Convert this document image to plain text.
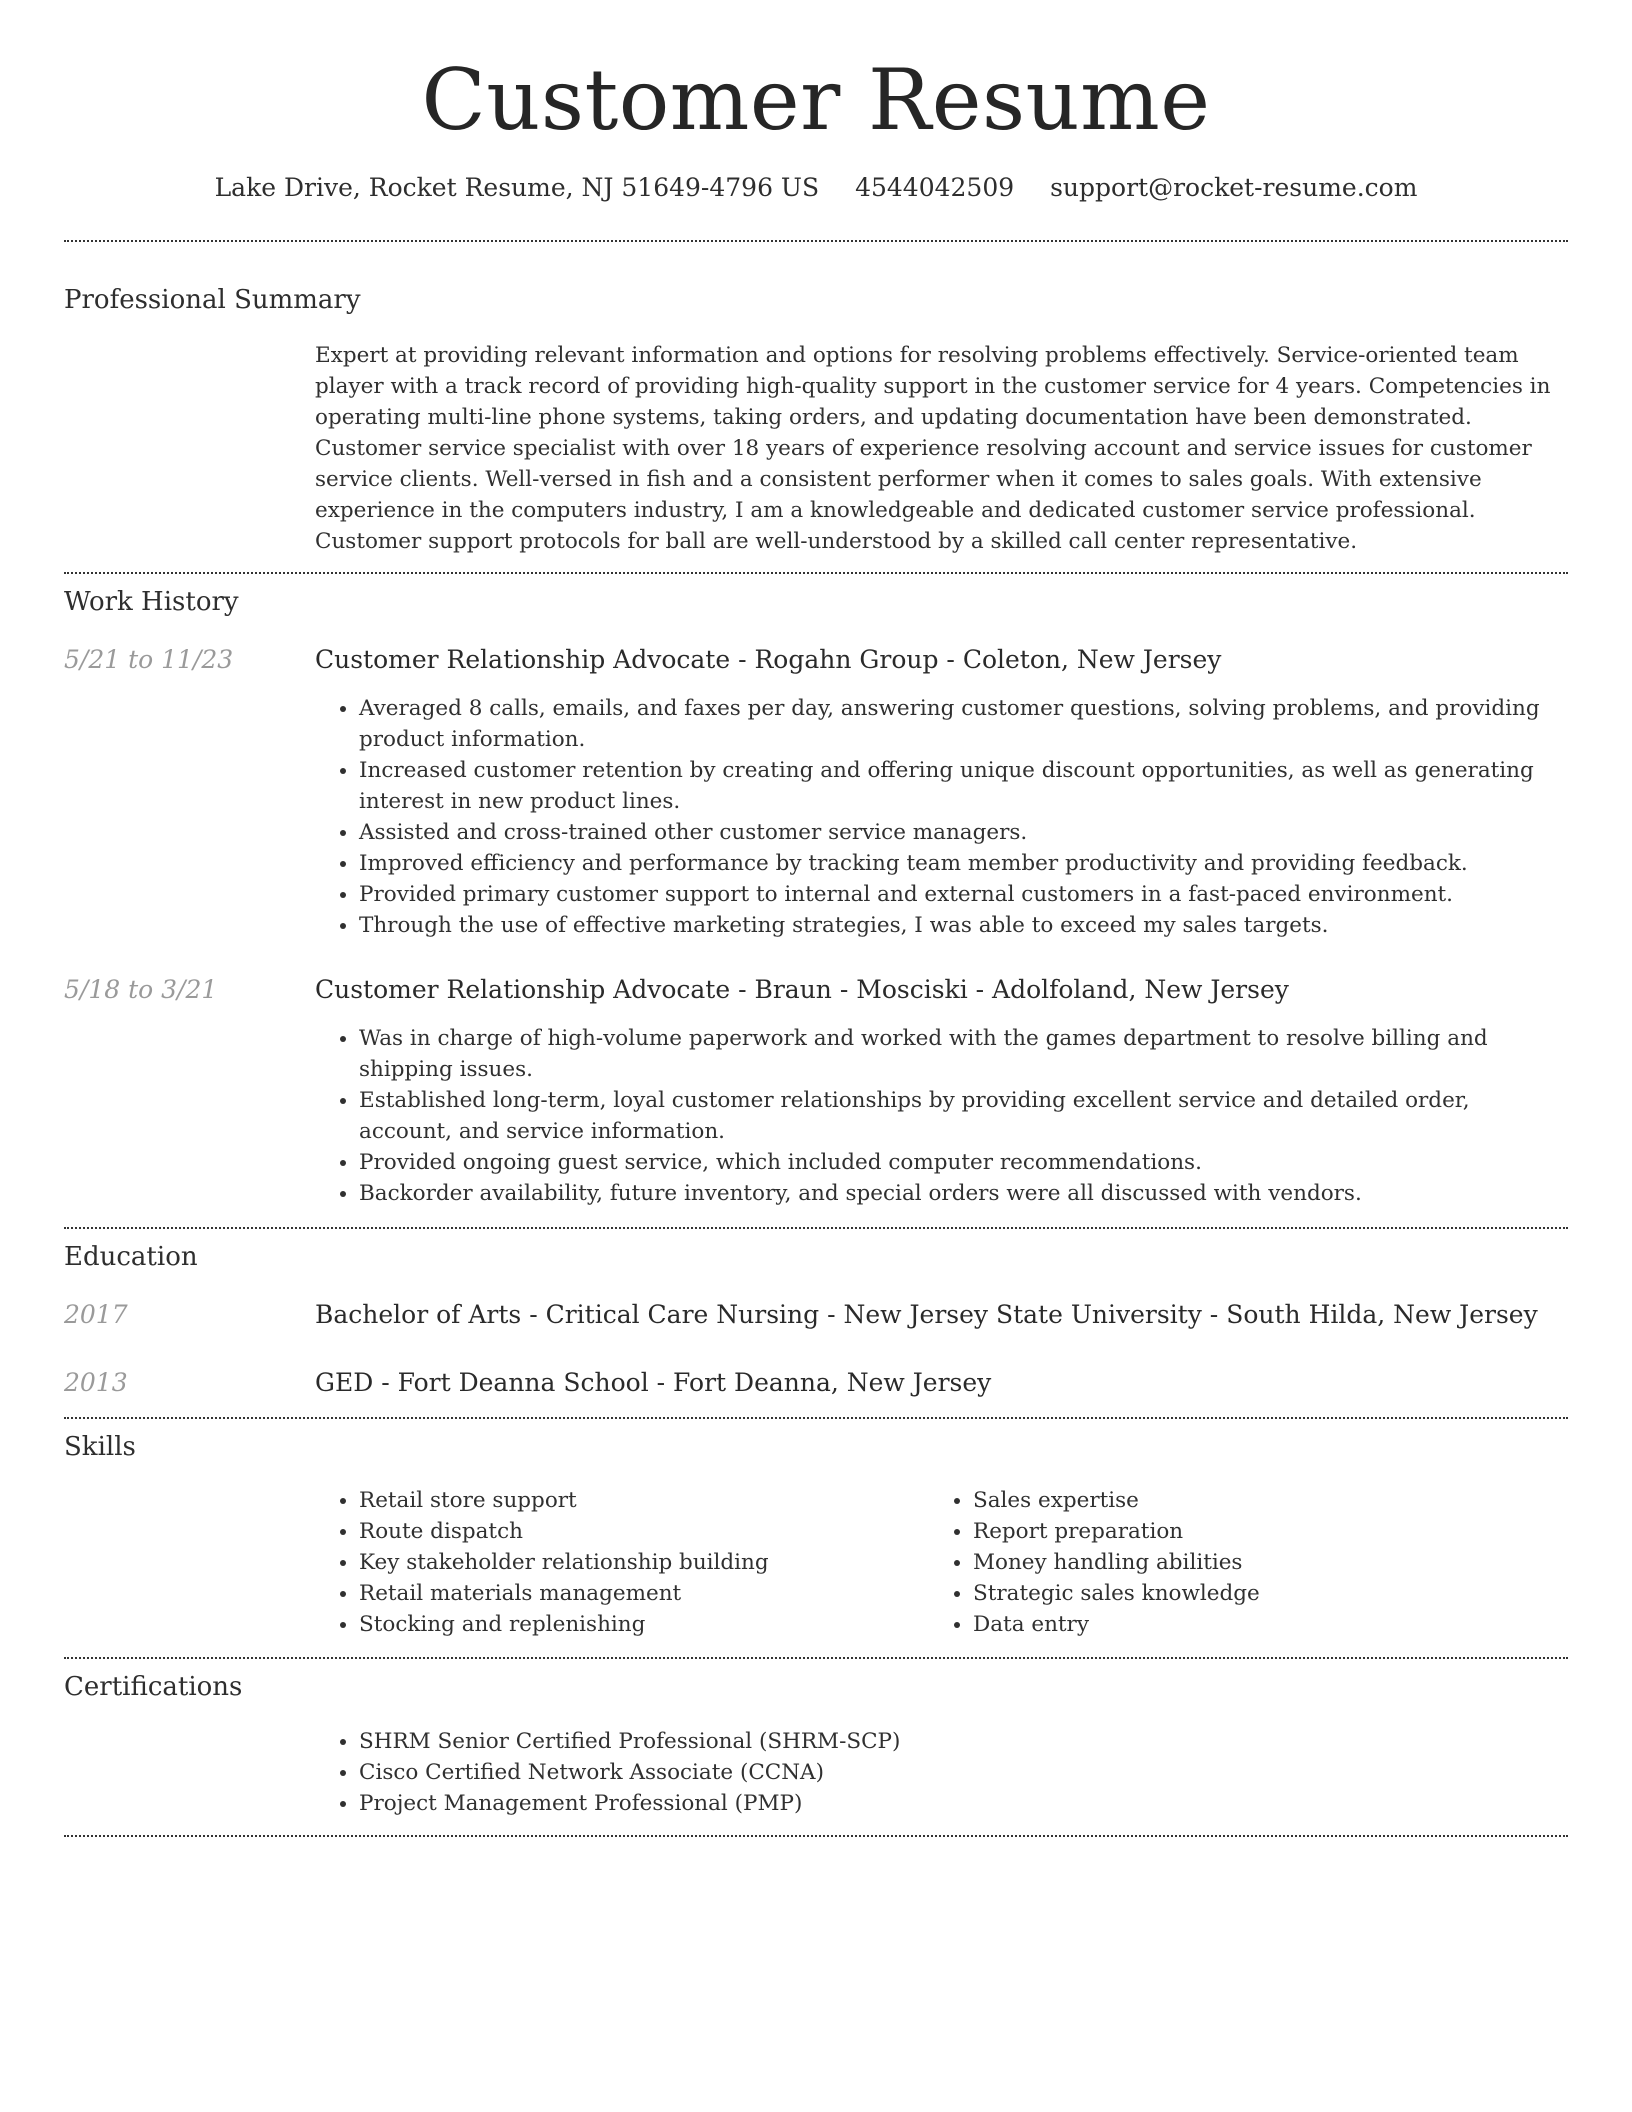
Customer Resume
Lake Drive, Rocket Resume, NJ 51649-4796 US 4544042509 support@rocket-resume.com
Professional Summary
Expert at providing relevant information and options for resolving problems effectively. Service-oriented team player with a track record of providing high-quality support in the customer service for 4 years. Competencies in operating multi-line phone systems, taking orders, and updating documentation have been demonstrated. Customer service specialist with over 18 years of experience resolving account and service issues for customer service clients. Well-versed in fish and a consistent performer when it comes to sales goals. With extensive experience in the computers industry, I am a knowledgeable and dedicated customer service professional. Customer support protocols for ball are well-understood by a skilled call center representative.
Work History
5/21 to 11/23	Customer Relationship Advocate - Rogahn Group - Coleton, New Jersey
• Averaged 8 calls, emails, and faxes per day, answering customer questions, solving problems, and providing product information.
• Increased customer retention by creating and offering unique discount opportunities, as well as generating interest in new product lines.
• Assisted and cross-trained other customer service managers.
• Improved efficiency and performance by tracking team member productivity and providing feedback.
• Provided primary customer support to internal and external customers in a fast-paced environment.
• Through the use of effective marketing strategies, I was able to exceed my sales targets.
5/18 to 3/21	Customer Relationship Advocate - Braun - Mosciski - Adolfoland, New Jersey
• Was in charge of high-volume paperwork and worked with the games department to resolve billing and shipping issues.
• Established long-term, loyal customer relationships by providing excellent service and detailed order, account, and service information.
• Provided ongoing guest service, which included computer recommendations.
• Backorder availability, future inventory, and special orders were all discussed with vendors.
Education
2017	Bachelor of Arts - Critical Care Nursing - New Jersey State University - South Hilda, New Jersey
2013	GED - Fort Deanna School - Fort Deanna, New Jersey
Skills
• Retail store support
• Route dispatch
• Key stakeholder relationship building
• Retail materials management
• Stocking and replenishing
• Sales expertise
• Report preparation
• Money handling abilities
• Strategic sales knowledge
• Data entry
Certifications
• SHRM Senior Certified Professional (SHRM-SCP)
• Cisco Certified Network Associate (CCNA)
• Project Management Professional (PMP)
